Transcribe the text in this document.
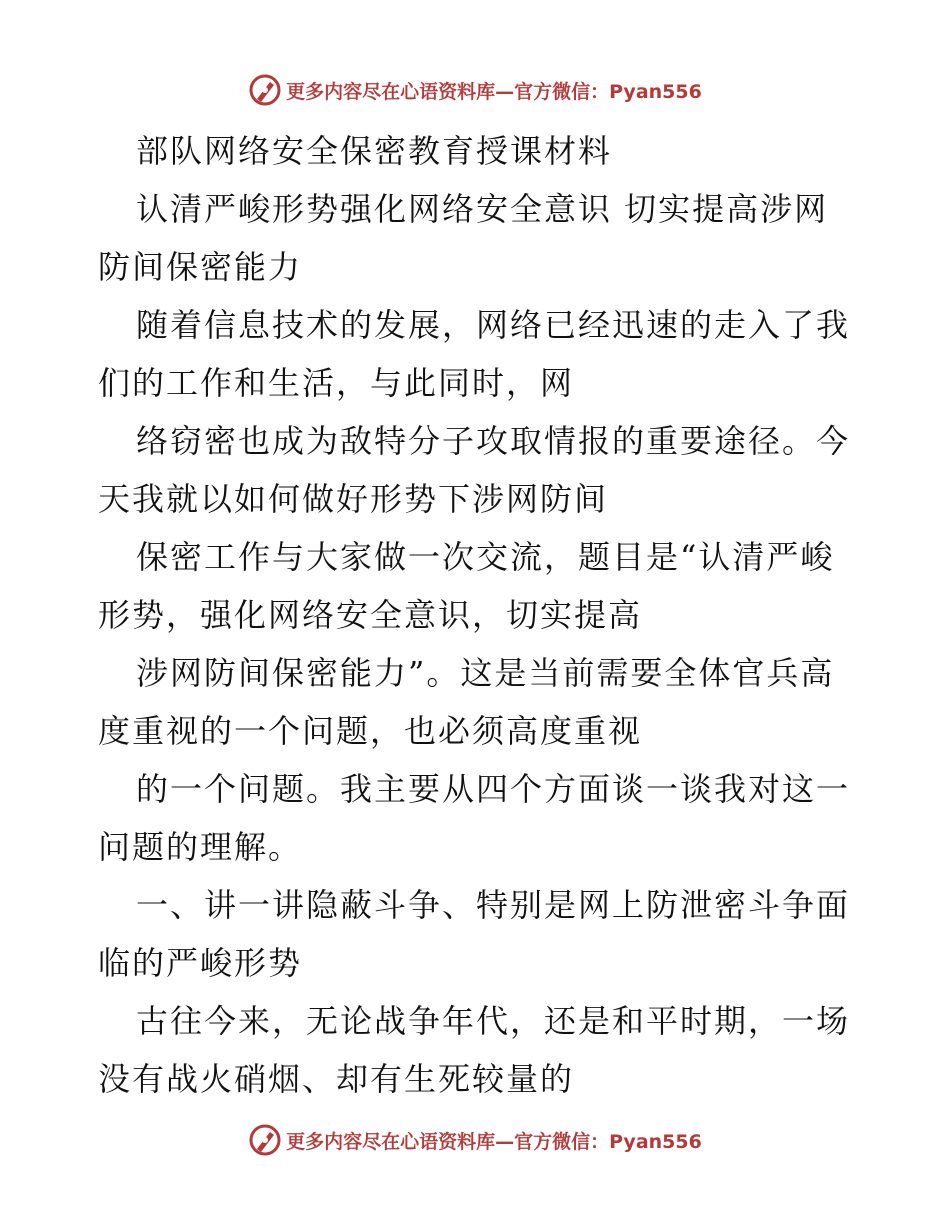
更多内容尽在心语资料库—官方微信：Pyan556

部队网络安全保密教育授课材料

认清严峻形势强化网络安全意识 切实提高涉网防间保密能力

随着信息技术的发展，网络已经迅速的走入了我们的工作和生活，与此同时，网

络窃密也成为敌特分子攻取情报的重要途径。今天我就以如何做好形势下涉网防间

保密工作与大家做一次交流，题目是“认清严峻形势，强化网络安全意识，切实提高

涉网防间保密能力”。这是当前需要全体官兵高度重视的一个问题，也必须高度重视

的一个问题。我主要从四个方面谈一谈我对这一问题的理解。

一、讲一讲隐蔽斗争、特别是网上防泄密斗争面临的严峻形势

古往今来，无论战争年代，还是和平时期，一场没有战火硝烟、却有生死较量的

更多内容尽在心语资料库—官方微信：Pyan556
